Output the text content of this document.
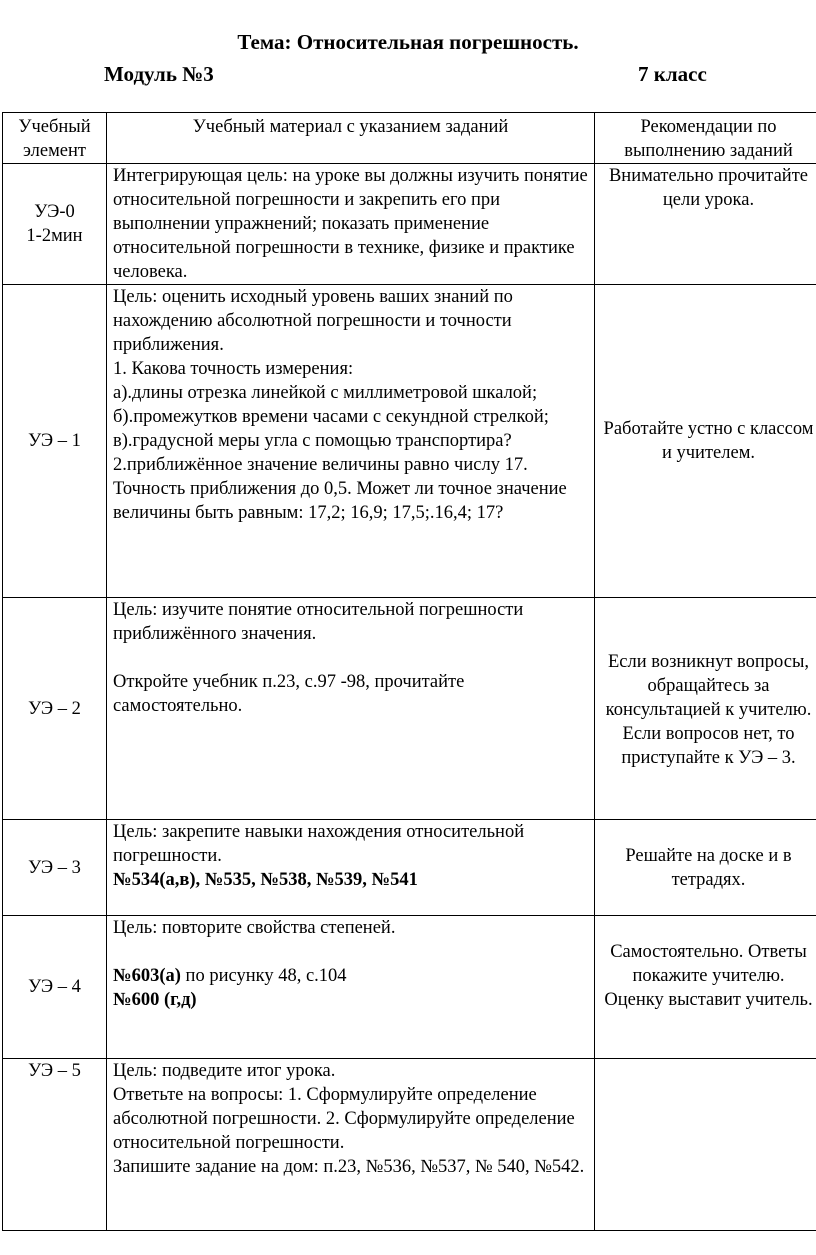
Тема: Относительная погрешность.
Модуль №3	7 класс
Учебный элемент	Учебный материал с указанием заданий	Рекомендации по выполнению заданий

УЭ-0
1-2мин	Интегрирующая цель: на уроке вы должны изучить понятие относительной погрешности и закрепить его при выполнении упражнений; показать применение относительной погрешности в технике, физике и практике человека.	Внимательно прочитайте цели урока.
УЭ – 1	Цель: оценить исходный уровень ваших знаний по нахождению абсолютной погрешности и точности приближения.
1. Какова точность измерения:
а).длины отрезка линейкой с миллиметровой шкалой; б).промежутков времени часами с секундной стрелкой;
в).градусной меры угла с помощью транспортира?
2.приближённое значение величины равно числу 17. Точность приближения до 0,5. Может ли точное значение величины быть равным: 17,2; 16,9; 17,5;.16,4; 17?	Работайте устно с классом и учителем.
УЭ – 2	Цель: изучите понятие относительной погрешности приближённого значения.
Откройте учебник п.23, с.97 -98, прочитайте самостоятельно.	Если возникнут вопросы, обращайтесь за консультацией к учителю. Если вопросов нет, то приступайте к УЭ – 3.
УЭ – 3	Цель: закрепите навыки нахождения относительной погрешности.
№534(а,в), №535, №538, №539, №541	Решайте на доске и в тетрадях.
УЭ – 4	Цель: повторите свойства степеней.
№603(а) по рисунку 48, с.104
№600 (г,д)	Самостоятельно. Ответы покажите учителю. Оценку выставит учитель.
УЭ – 5	Цель: подведите итог урока.
Ответьте на вопросы: 1. Сформулируйте определение абсолютной погрешности. 2. Сформулируйте определение относительной погрешности.
Запишите задание на дом: п.23, №536, №537, № 540, №542.	
